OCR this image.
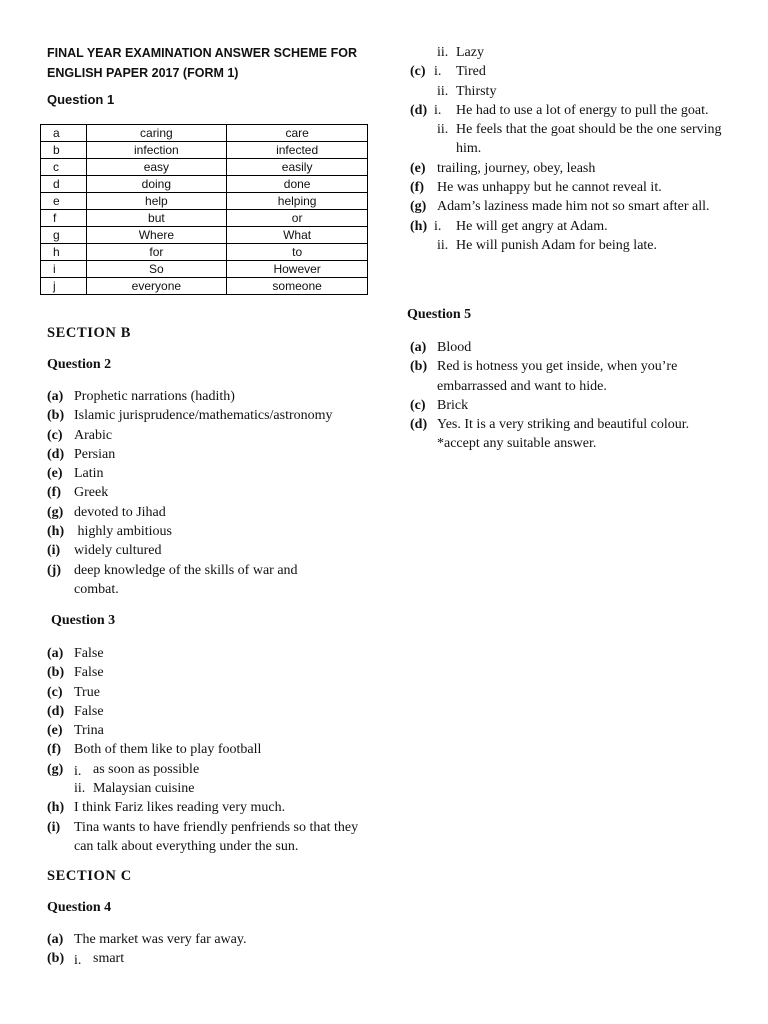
FINAL YEAR EXAMINATION ANSWER SCHEME FOR
ENGLISH PAPER 2017 (FORM 1)
Question 1
a	caring	care
b	infection	infected
c	easy	easily
d	doing	done
e	help	helping
f	but	or
g	Where	What
h	for	to
i	So	However
j	everyone	someone
SECTION B
Question 2
(a) Prophetic narrations (hadith)
(b) Islamic jurisprudence/mathematics/astronomy
(c) Arabic
(d) Persian
(e) Latin
(f) Greek
(g) devoted to Jihad
(h) highly ambitious
(i) widely cultured
(j) deep knowledge of the skills of war and combat.
Question 3
(a) False
(b) False
(c) True
(d) False
(e) Trina
(f) Both of them like to play football
(g) i. as soon as possible
ii. Malaysian cuisine
(h) I think Fariz likes reading very much.
(i) Tina wants to have friendly penfriends so that they can talk about everything under the sun.
SECTION C
Question 4
(a) The market was very far away.
(b) i. smart
ii. Lazy
(c) i. Tired
ii. Thirsty
(d) i. He had to use a lot of energy to pull the goat.
ii. He feels that the goat should be the one serving him.
(e) trailing, journey, obey, leash
(f) He was unhappy but he cannot reveal it.
(g) Adam’s laziness made him not so smart after all.
(h) i. He will get angry at Adam.
ii. He will punish Adam for being late.
Question 5
(a) Blood
(b) Red is hotness you get inside, when you’re embarrassed and want to hide.
(c) Brick
(d) Yes. It is a very striking and beautiful colour.
*accept any suitable answer.
